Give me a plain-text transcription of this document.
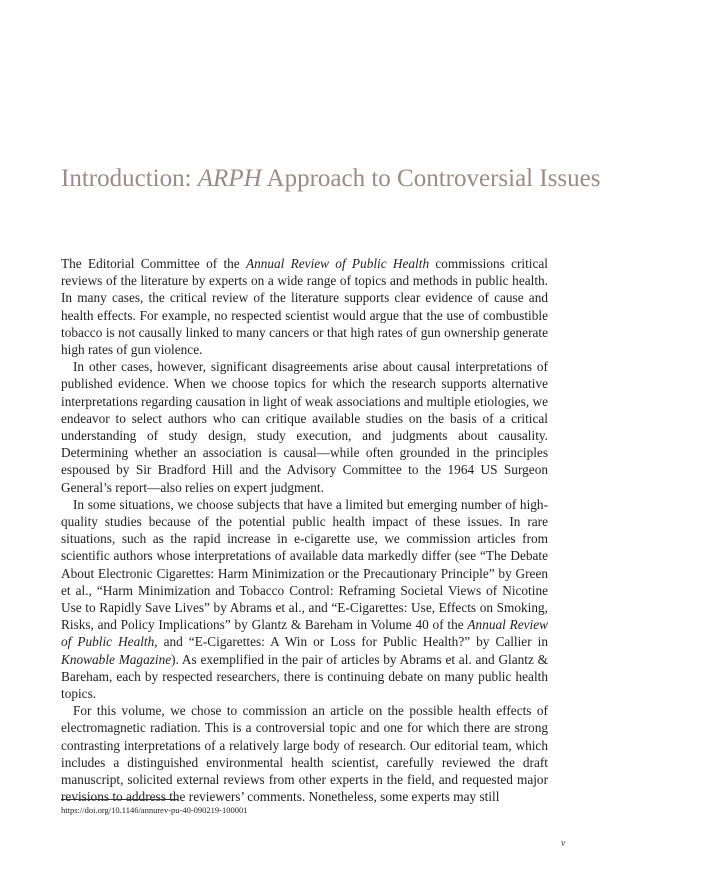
Introduction: ARPH Approach to Controversial Issues

The Editorial Committee of the Annual Review of Public Health commissions critical reviews of the literature by experts on a wide range of topics and methods in public health. In many cases, the critical review of the literature supports clear evidence of cause and health effects. For example, no respected scientist would argue that the use of combustible tobacco is not causally linked to many cancers or that high rates of gun ownership generate high rates of gun violence.

In other cases, however, significant disagreements arise about causal interpretations of published evidence. When we choose topics for which the research supports alternative interpretations regarding causation in light of weak associations and multiple etiologies, we endeavor to select authors who can critique available studies on the basis of a critical understanding of study design, study execution, and judgments about causality. Determining whether an association is causal—while often grounded in the principles espoused by Sir Bradford Hill and the Advisory Committee to the 1964 US Surgeon General’s report—also relies on expert judgment.

In some situations, we choose subjects that have a limited but emerging number of high-quality studies because of the potential public health impact of these issues. In rare situations, such as the rapid increase in e-cigarette use, we commission articles from scientific authors whose interpretations of available data markedly differ (see “The Debate About Electronic Cigarettes: Harm Minimization or the Precautionary Principle” by Green et al., “Harm Minimization and Tobacco Control: Reframing Societal Views of Nicotine Use to Rapidly Save Lives” by Abrams et al., and “E-Cigarettes: Use, Effects on Smoking, Risks, and Policy Implications” by Glantz & Bareham in Volume 40 of the Annual Review of Public Health, and “E-Cigarettes: A Win or Loss for Public Health?” by Callier in Knowable Magazine). As exemplified in the pair of articles by Abrams et al. and Glantz & Bareham, each by respected researchers, there is continuing debate on many public health topics.

For this volume, we chose to commission an article on the possible health effects of electromagnetic radiation. This is a controversial topic and one for which there are strong contrasting interpretations of a relatively large body of research. Our editorial team, which includes a distinguished environmental health scientist, carefully reviewed the draft manuscript, solicited external reviews from other experts in the field, and requested major revisions to address the reviewers’ comments. Nonetheless, some experts may still

https://doi.org/10.1146/annurev-pu-40-090219-100001
v
